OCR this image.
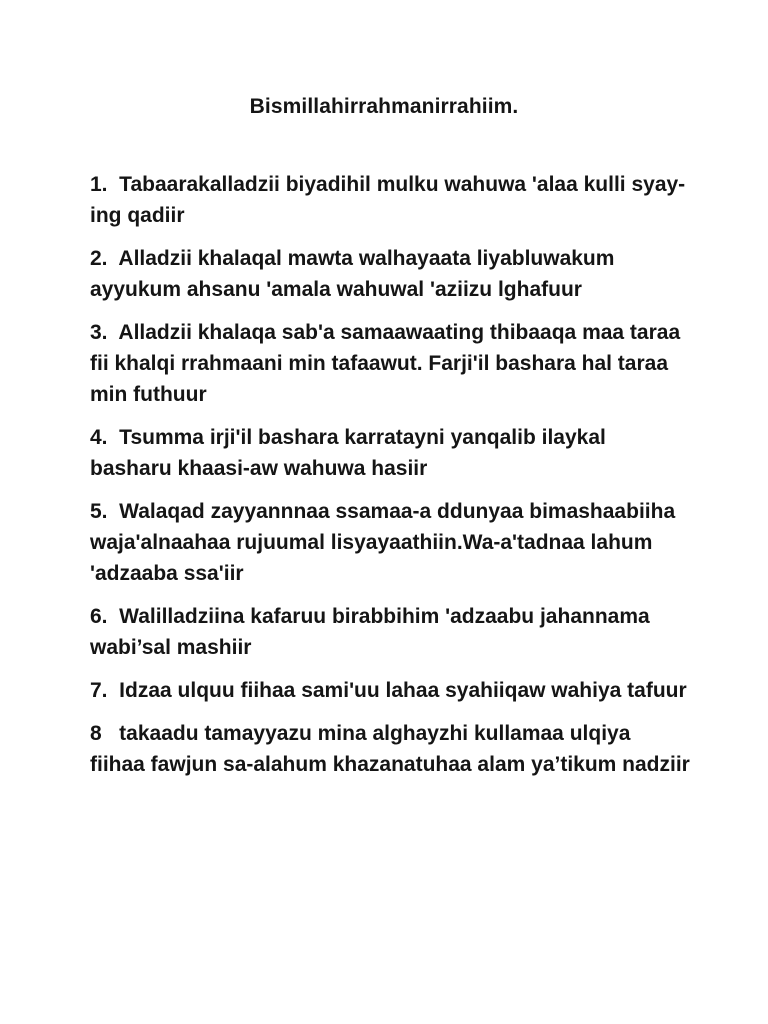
Bismillahirrahmanirrahiim.
1.  Tabaarakalladzii biyadihil mulku wahuwa 'alaa kulli syay-ing qadiir
2.  Alladzii khalaqal mawta walhayaata liyabluwakum ayyukum ahsanu 'amala wahuwal 'aziizu lghafuur
3.  Alladzii khalaqa sab'a samaawaating thibaaqa maa taraa fii khalqi rrahmaani min tafaawut. Farji'il bashara hal taraa min futhuur
4.  Tsumma irji'il bashara karratayni yanqalib ilaykal basharu khaasi-aw wahuwa hasiir
5.  Walaqad zayyannnaa ssamaa-a ddunyaa bimashaabiiha waja'alnaahaa rujuumal lisyayaathiin.Wa-a'tadnaa lahum 'adzaaba ssa'iir
6.  Walilladziina kafaruu birabbihim 'adzaabu jahannama wabi’sal mashiir
7.  Idzaa ulquu fiihaa sami'uu lahaa syahiiqaw wahiya tafuur
8   takaadu tamayyazu mina alghayzhi kullamaa ulqiya fiihaa fawjun sa-alahum khazanatuhaa alam ya’tikum nadziir
